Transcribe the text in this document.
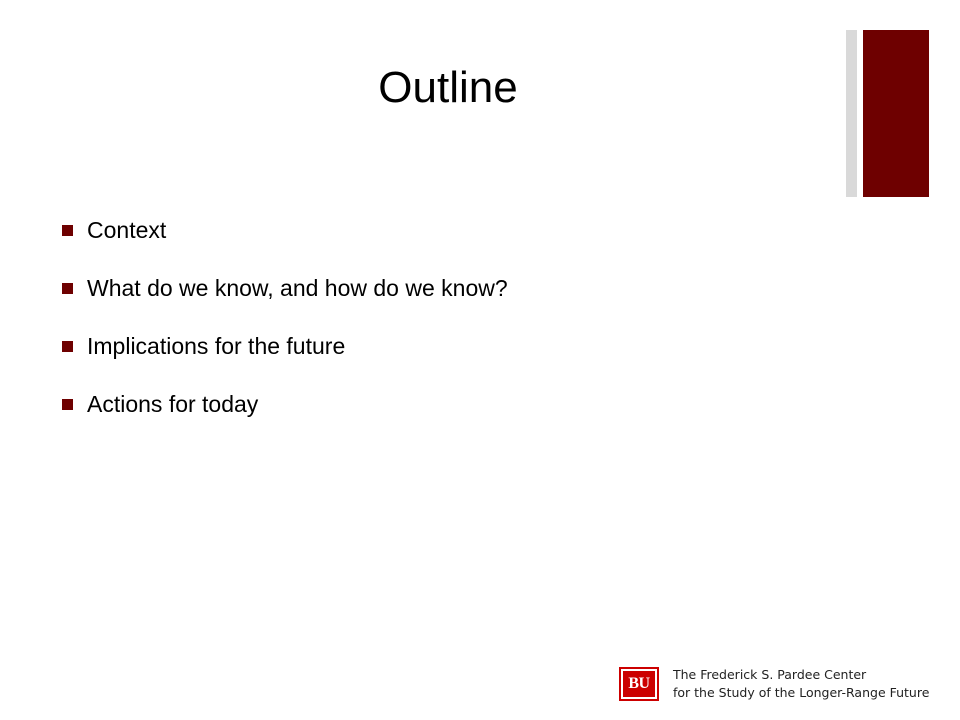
Outline
Context
What do we know, and how do we know?
Implications for the future
Actions for today
BU
The Frederick S. Pardee Center
for the Study of the Longer-Range Future
